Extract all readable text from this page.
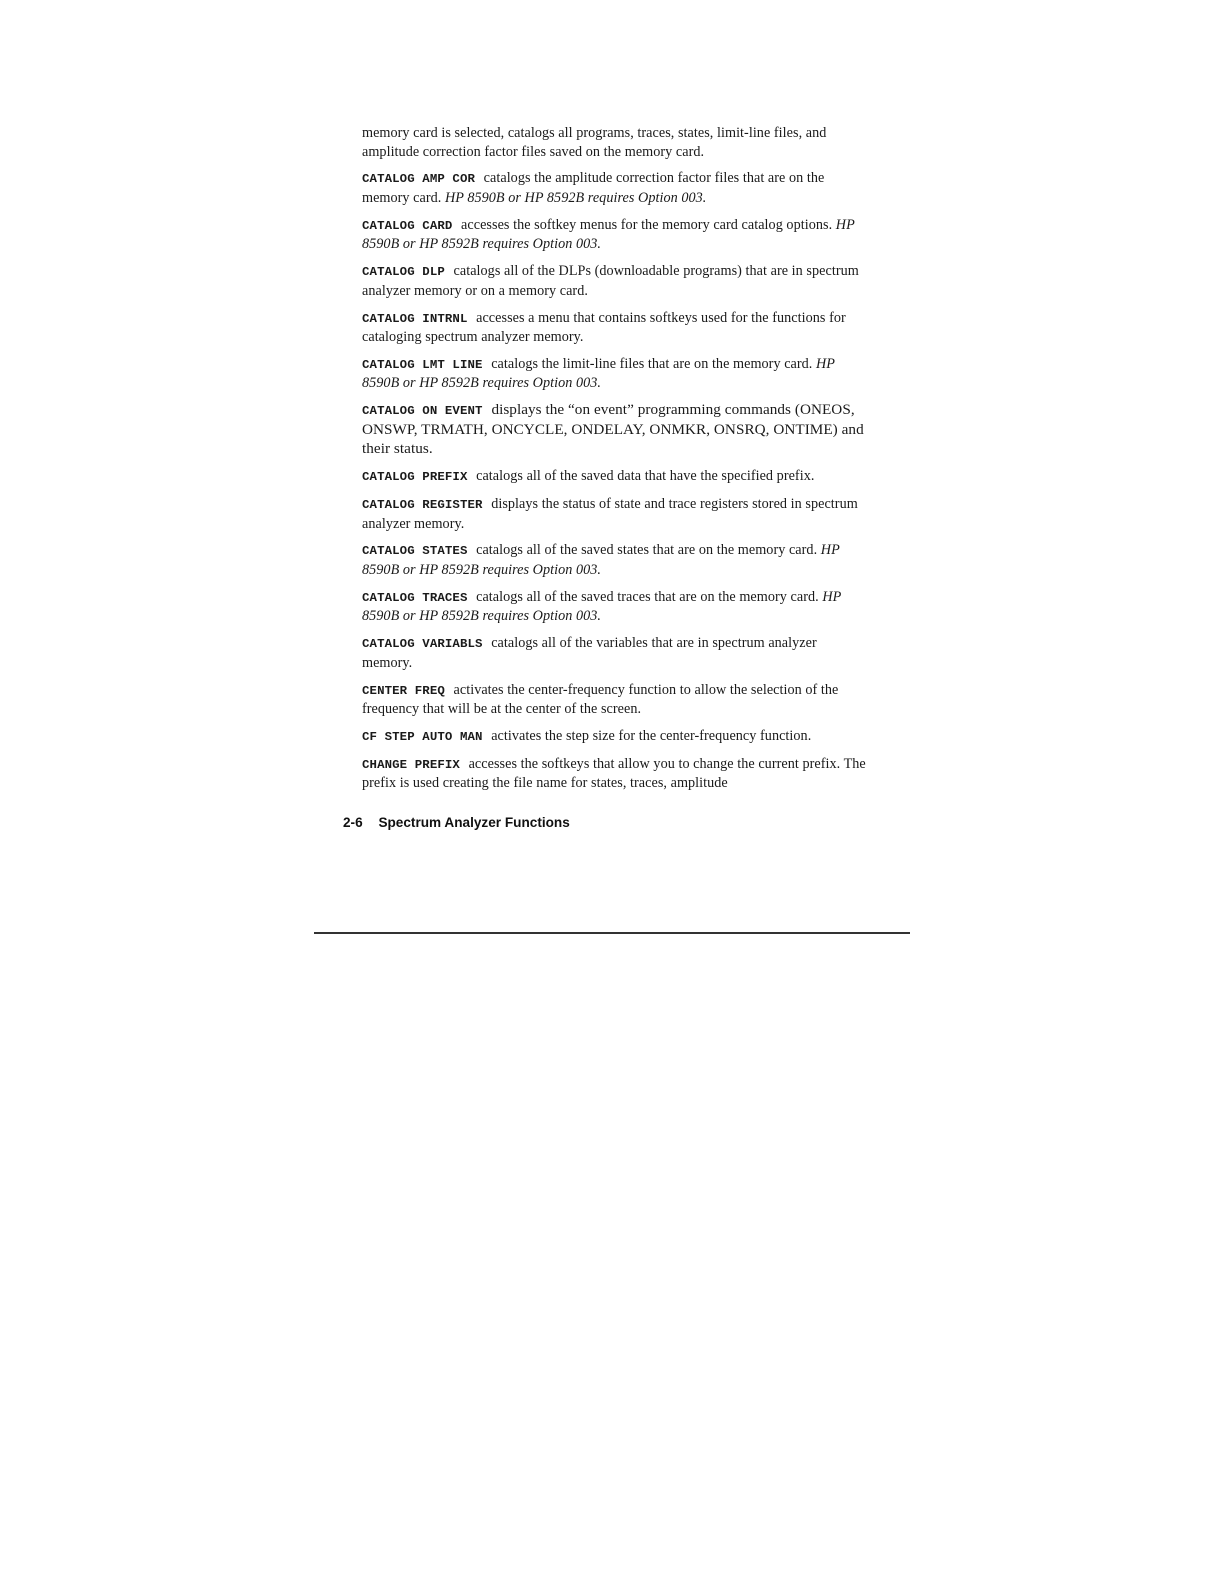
memory card is selected, catalogs all programs, traces, states, limit-line files, and amplitude correction factor files saved on the memory card.

CATALOG AMP COR catalogs the amplitude correction factor files that are on the memory card. HP 8590B or HP 8592B requires Option 003.

CATALOG CARD accesses the softkey menus for the memory card catalog options. HP 8590B or HP 8592B requires Option 003.

CATALOG DLP catalogs all of the DLPs (downloadable programs) that are in spectrum analyzer memory or on a memory card.

CATALOG INTRNL accesses a menu that contains softkeys used for the functions for cataloging spectrum analyzer memory.

CATALOG LMT LINE catalogs the limit-line files that are on the memory card. HP 8590B or HP 8592B requires Option 003.

CATALOG ON EVENT displays the “on event” programming commands (ONEOS, ONSWP, TRMATH, ONCYCLE, ONDELAY, ONMKR, ONSRQ, ONTIME) and their status.

CATALOG PREFIX catalogs all of the saved data that have the specified prefix.

CATALOG REGISTER displays the status of state and trace registers stored in spectrum analyzer memory.

CATALOG STATES catalogs all of the saved states that are on the memory card. HP 8590B or HP 8592B requires Option 003.

CATALOG TRACES catalogs all of the saved traces that are on the memory card. HP 8590B or HP 8592B requires Option 003.

CATALOG VARIABLS catalogs all of the variables that are in spectrum analyzer memory.

CENTER FREQ activates the center-frequency function to allow the selection of the frequency that will be at the center of the screen.

CF STEP AUTO MAN activates the step size for the center-frequency function.

CHANGE PREFIX accesses the softkeys that allow you to change the current prefix. The prefix is used creating the file name for states, traces, amplitude

2-6 Spectrum Analyzer Functions
